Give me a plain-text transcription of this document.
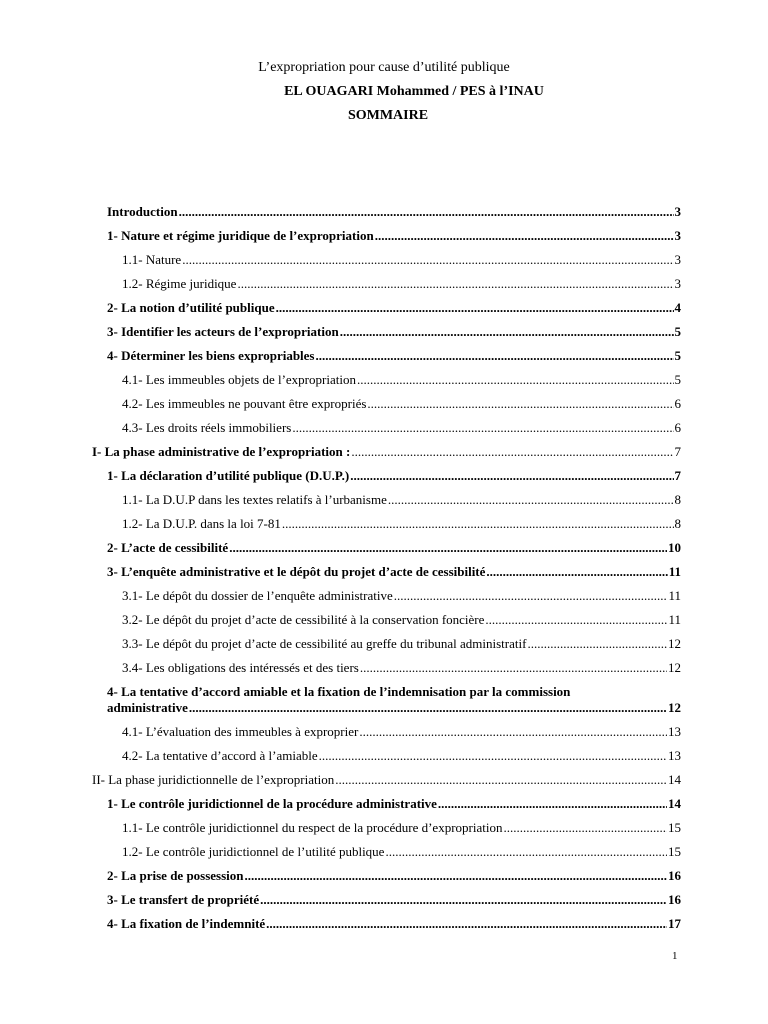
L’expropriation pour cause d’utilité publique
EL OUAGARI Mohammed / PES à l’INAU
SOMMAIRE
Introduction .....	3
1- Nature et régime juridique de l’expropriation .....	3
1.1- Nature .....	3
1.2- Régime juridique .....	3
2- La notion d’utilité publique .....	4
3- Identifier les acteurs de l’expropriation .....	5
4- Déterminer les biens expropriables .....	5
4.1- Les immeubles objets de l’expropriation .....	5
4.2- Les immeubles ne pouvant être expropriés .....	6
4.3- Les droits réels immobiliers .....	6
I- La phase administrative de l’expropriation : .....	7
1- La déclaration d’utilité publique (D.U.P.) .....	7
1.1- La D.U.P dans les textes relatifs à l’urbanisme .....	8
1.2- La D.U.P. dans la loi 7-81 .....	8
2- L’acte de cessibilité .....	10
3- L’enquête administrative et le dépôt du projet d’acte de cessibilité .....	11
3.1- Le dépôt du dossier de l’enquête administrative .....	11
3.2- Le dépôt du projet d’acte de cessibilité à la conservation foncière .....	11
3.3- Le dépôt du projet d’acte de cessibilité au greffe du tribunal administratif .....	12
3.4- Les obligations des intéressés et des tiers .....	12
4- La tentative d’accord amiable et la fixation de l’indemnisation par la commission
administrative .....	12
4.1- L’évaluation des immeubles à exproprier .....	13
4.2- La tentative d’accord à l’amiable .....	13
II- La phase juridictionnelle de l’expropriation .....	14
1- Le contrôle juridictionnel de la procédure administrative .....	14
1.1- Le contrôle juridictionnel du respect de la procédure d’expropriation .....	15
1.2- Le contrôle juridictionnel de l’utilité publique .....	15
2- La prise de possession .....	16
3- Le transfert de propriété .....	16
4- La fixation de l’indemnité .....	17
1
